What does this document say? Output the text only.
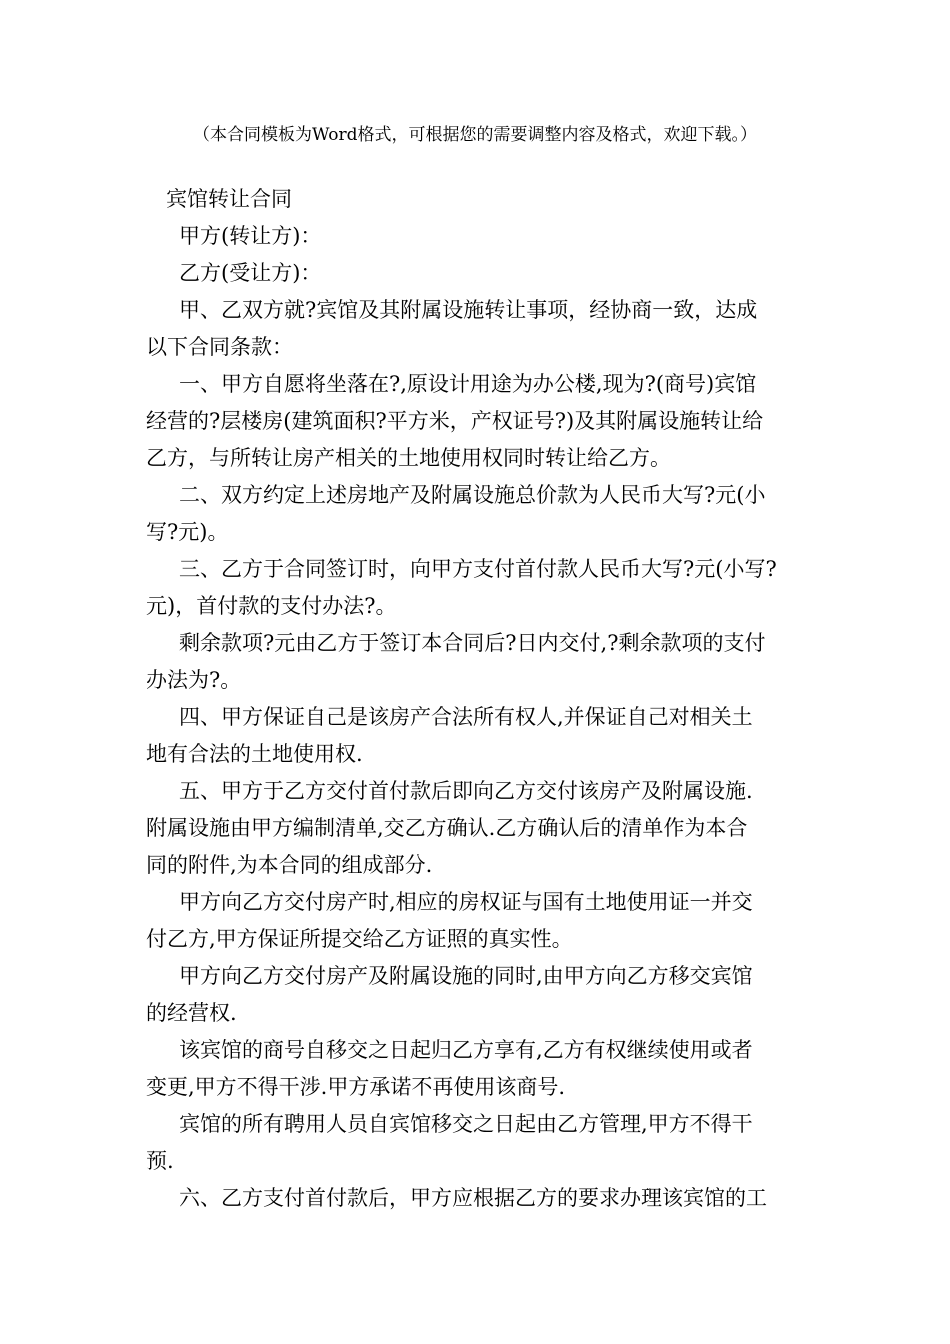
（本合同模板为Word格式，可根据您的需要调整内容及格式，欢迎下载。）
宾馆转让合同

甲方(转让方)：

乙方(受让方)：

甲、乙双方就?宾馆及其附属设施转让事项，经协商一致，达成
以下合同条款：

一、甲方自愿将坐落在?,原设计用途为办公楼,现为?(商号)宾馆
经营的?层楼房(建筑面积?平方米，产权证号?)及其附属设施转让给
乙方，与所转让房产相关的土地使用权同时转让给乙方。

二、双方约定上述房地产及附属设施总价款为人民币大写?元(小
写?元)。

三、乙方于合同签订时，向甲方支付首付款人民币大写?元(小写?
元)，首付款的支付办法?。

剩余款项?元由乙方于签订本合同后?日内交付,?剩余款项的支付
办法为?。

四、甲方保证自己是该房产合法所有权人,并保证自己对相关土
地有合法的土地使用权.

五、甲方于乙方交付首付款后即向乙方交付该房产及附属设施.
附属设施由甲方编制清单,交乙方确认.乙方确认后的清单作为本合
同的附件,为本合同的组成部分.

甲方向乙方交付房产时,相应的房权证与国有土地使用证一并交
付乙方,甲方保证所提交给乙方证照的真实性。

甲方向乙方交付房产及附属设施的同时,由甲方向乙方移交宾馆
的经营权.

该宾馆的商号自移交之日起归乙方享有,乙方有权继续使用或者
变更,甲方不得干涉.甲方承诺不再使用该商号.

宾馆的所有聘用人员自宾馆移交之日起由乙方管理,甲方不得干
预.

六、乙方支付首付款后，甲方应根据乙方的要求办理该宾馆的工
